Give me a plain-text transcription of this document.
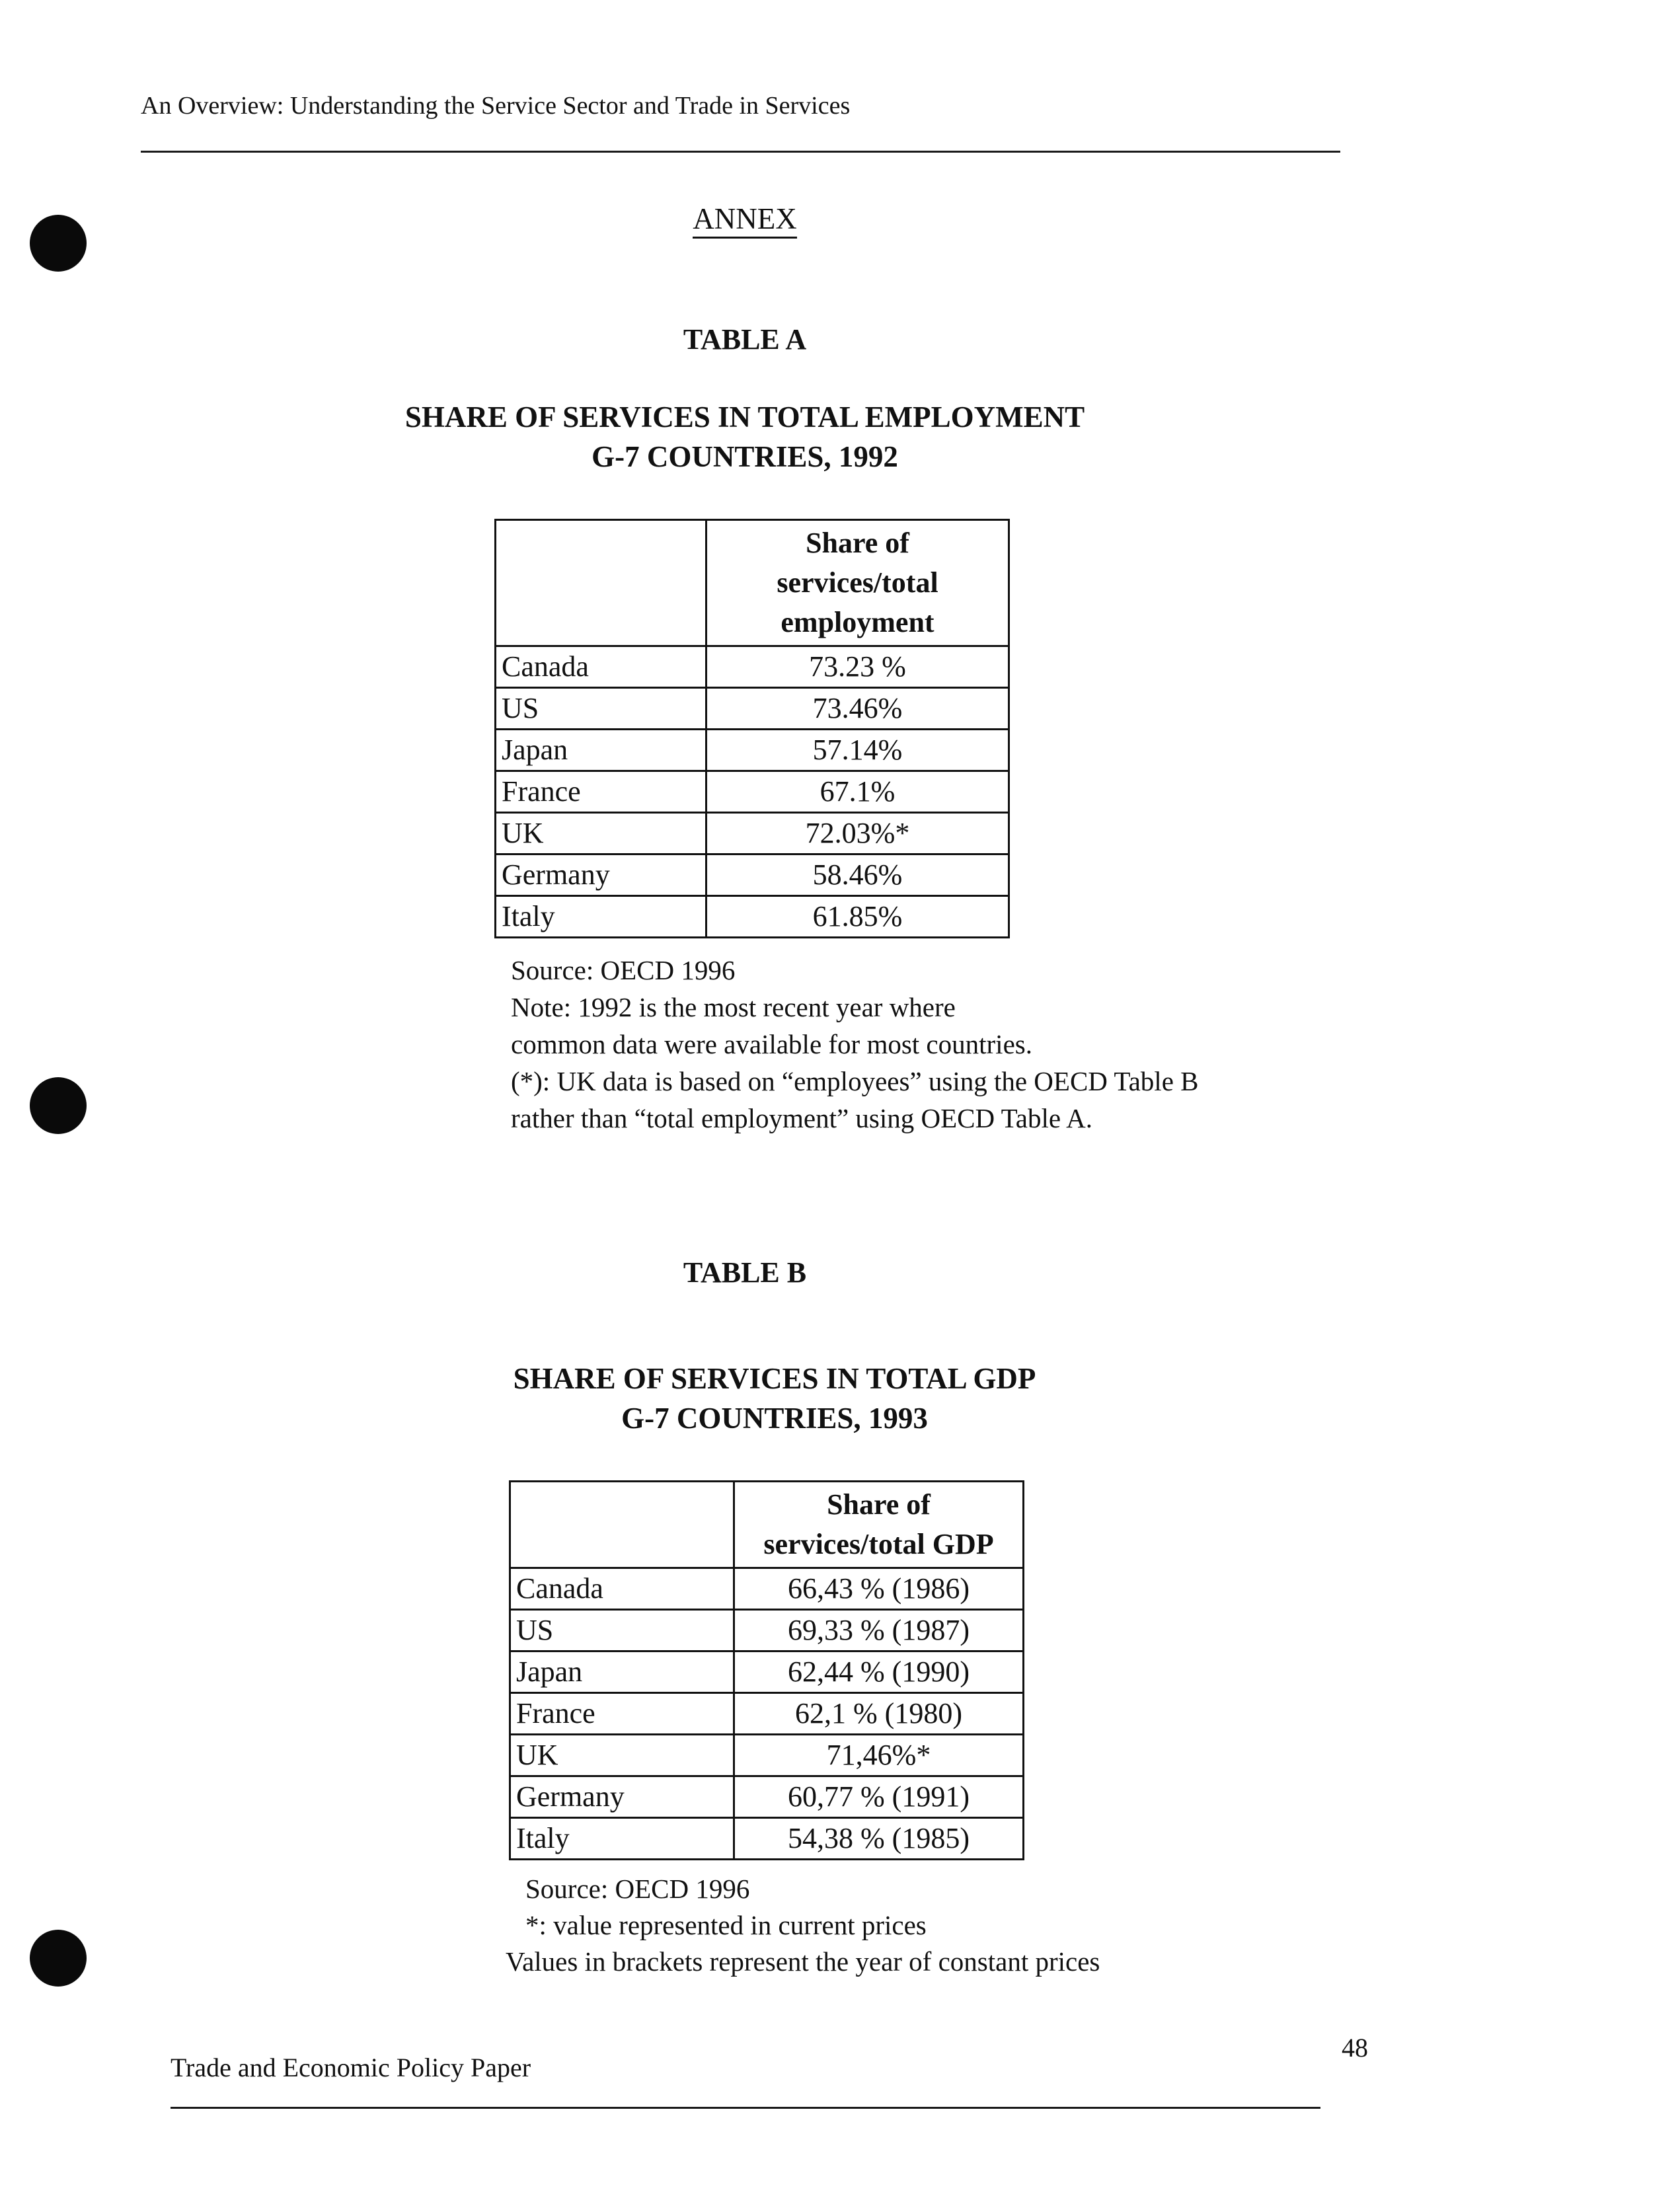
An Overview: Understanding the Service Sector and Trade in Services
ANNEX
TABLE A
SHARE OF SERVICES IN TOTAL EMPLOYMENT
G-7 COUNTRIES, 1992

	Share of
services/total
employment

Canada	73.23 %
US	73.46%
Japan	57.14%
France	67.1%
UK	72.03%*
Germany	58.46%
Italy	61.85%
Source: OECD 1996
Note: 1992 is the most recent year where
common data were available for most countries.
(*): UK data is based on “employees” using the OECD Table B
rather than “total employment” using OECD Table A.
TABLE B
SHARE OF SERVICES IN TOTAL GDP
G-7 COUNTRIES, 1993

	Share of
services/total GDP

Canada	66,43 % (1986)
US	69,33 % (1987)
Japan	62,44 % (1990)
France	62,1 % (1980)
UK	71,46%*
Germany	60,77 % (1991)
Italy	54,38 % (1985)
Source: OECD 1996
*: value represented in current prices
Values in brackets represent the year of constant prices
48
Trade and Economic Policy Paper
